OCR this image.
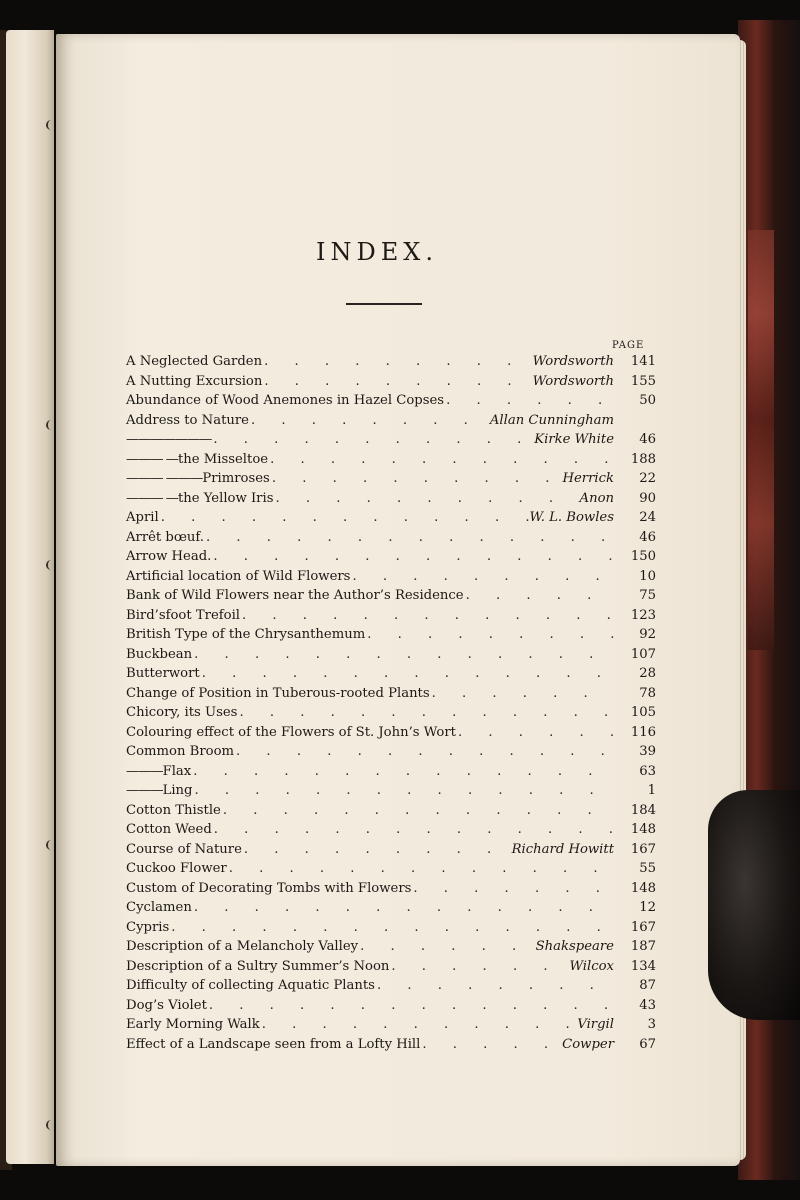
INDEX.
PAGE
A Neglected Garden . . .	Wordsworth	141
A Nutting Excursion . . .	Wordsworth	155
Abundance of Wood Anemones in Hazel Copses . . .	50
Address to Nature . . .	Allan Cunningham
——————— . . .	Kirke White	46
——— — the Misseltoe . . .	188
——— ——— Primroses . . .	Herrick	22
——— — the Yellow Iris . . .	Anon	90
April . . .	W. L. Bowles	24
Arrêt bœuf. . . .	46
Arrow Head. . . .	150
Artificial location of Wild Flowers . . .	10
Bank of Wild Flowers near the Author’s Residence . . .	75
Bird’sfoot Trefoil . . .	123
British Type of the Chrysanthemum . . .	92
Buckbean . . .	107
Butterwort . . .	28
Change of Position in Tuberous-rooted Plants . . .	78
Chicory, its Uses . . .	105
Colouring effect of the Flowers of St. John’s Wort . . .	116
Common Broom . . .	39
——— Flax . . .	63
——— Ling . . .	1
Cotton Thistle . . .	184
Cotton Weed . . .	148
Course of Nature . . .	Richard Howitt	167
Cuckoo Flower . . .	55
Custom of Decorating Tombs with Flowers . . .	148
Cyclamen . . .	12
Cypris . . .	167
Description of a Melancholy Valley . . .	Shakspeare	187
Description of a Sultry Summer’s Noon . . .	Wilcox	134
Difficulty of collecting Aquatic Plants . . .	87
Dog’s Violet . . .	43
Early Morning Walk . . .	Virgil	3
Effect of a Landscape seen from a Lofty Hill . . .	Cowper	67
